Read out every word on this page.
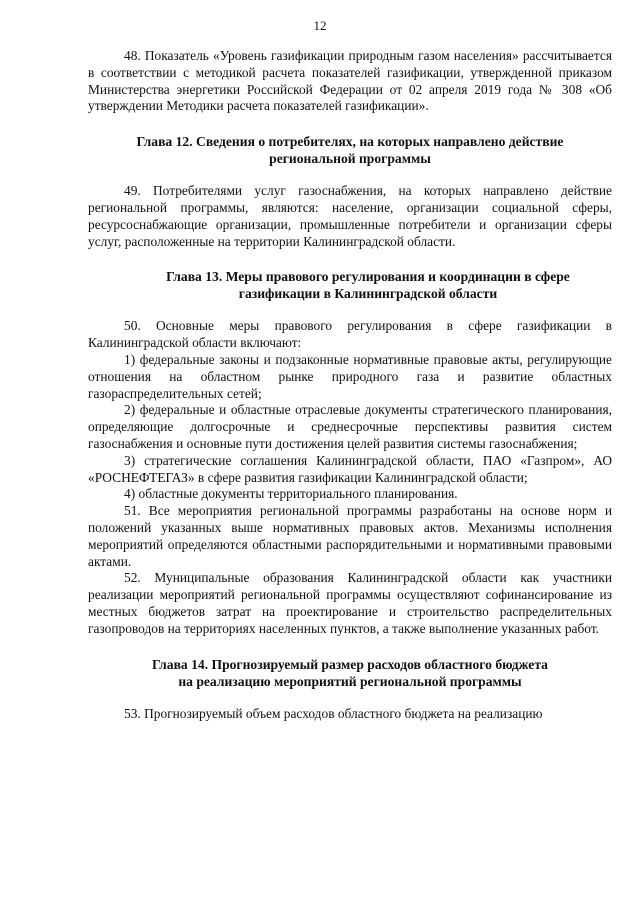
12

48. Показатель «Уровень газификации природным газом населения» рассчитывается в соответствии с методикой расчета показателей газификации, утвержденной приказом Министерства энергетики Российской Федерации от 02 апреля 2019 года № 308 «Об утверждении Методики расчета показателей газификации».

Глава 12. Сведения о потребителях, на которых направлено действие
региональной программы

49. Потребителями услуг газоснабжения, на которых направлено действие региональной программы, являются: население, организации социальной сферы, ресурсоснабжающие организации, промышленные потребители и организации сферы услуг, расположенные на территории Калининградской области.

Глава 13. Меры правового регулирования и координации в сфере
газификации в Калининградской области

50. Основные меры правового регулирования в сфере газификации в Калининградской области включают:

1) федеральные законы и подзаконные нормативные правовые акты, регулирующие отношения на областном рынке природного газа и развитие областных газораспределительных сетей;

2) федеральные и областные отраслевые документы стратегического планирования, определяющие долгосрочные и среднесрочные перспективы развития систем газоснабжения и основные пути достижения целей развития системы газоснабжения;

3) стратегические соглашения Калининградской области, ПАО «Газпром», АО «РОСНЕФТЕГАЗ» в сфере развития газификации Калининградской области;

4) областные документы территориального планирования.

51. Все мероприятия региональной программы разработаны на основе норм и положений указанных выше нормативных правовых актов. Механизмы исполнения мероприятий определяются областными распорядительными и нормативными правовыми актами.

52. Муниципальные образования Калининградской области как участники реализации мероприятий региональной программы осуществляют софинансирование из местных бюджетов затрат на проектирование и строительство распределительных газопроводов на территориях населенных пунктов, а также выполнение указанных работ.

Глава 14. Прогнозируемый размер расходов областного бюджета
на реализацию мероприятий региональной программы

53. Прогнозируемый объем расходов областного бюджета на реализацию
